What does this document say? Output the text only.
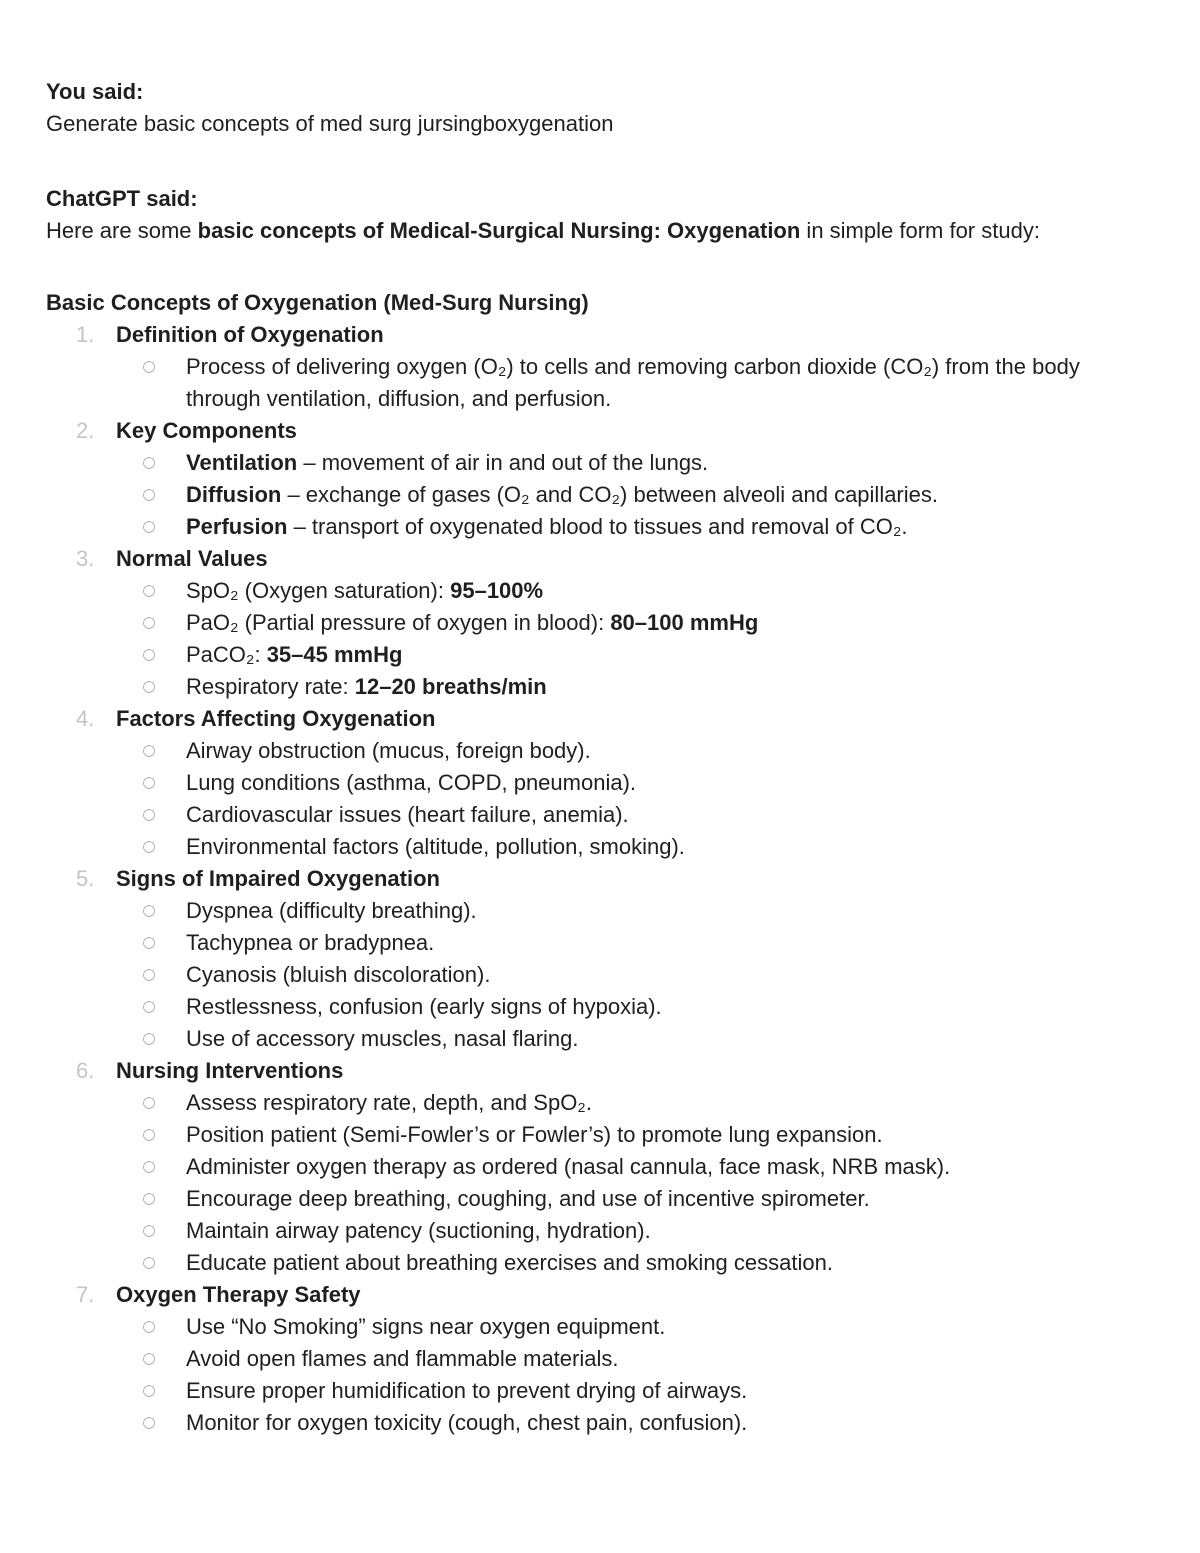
You said:
Generate basic concepts of med surg jursingboxygenation
ChatGPT said:
Here are some basic concepts of Medical-Surgical Nursing: Oxygenation in simple form for study:
Basic Concepts of Oxygenation (Med-Surg Nursing)
1. Definition of Oxygenation
Process of delivering oxygen (O₂) to cells and removing carbon dioxide (CO₂) from the body through ventilation, diffusion, and perfusion.
2. Key Components
Ventilation – movement of air in and out of the lungs.
Diffusion – exchange of gases (O₂ and CO₂) between alveoli and capillaries.
Perfusion – transport of oxygenated blood to tissues and removal of CO₂.
3. Normal Values
SpO₂ (Oxygen saturation): 95–100%
PaO₂ (Partial pressure of oxygen in blood): 80–100 mmHg
PaCO₂: 35–45 mmHg
Respiratory rate: 12–20 breaths/min
4. Factors Affecting Oxygenation
Airway obstruction (mucus, foreign body).
Lung conditions (asthma, COPD, pneumonia).
Cardiovascular issues (heart failure, anemia).
Environmental factors (altitude, pollution, smoking).
5. Signs of Impaired Oxygenation
Dyspnea (difficulty breathing).
Tachypnea or bradypnea.
Cyanosis (bluish discoloration).
Restlessness, confusion (early signs of hypoxia).
Use of accessory muscles, nasal flaring.
6. Nursing Interventions
Assess respiratory rate, depth, and SpO₂.
Position patient (Semi-Fowler’s or Fowler’s) to promote lung expansion.
Administer oxygen therapy as ordered (nasal cannula, face mask, NRB mask).
Encourage deep breathing, coughing, and use of incentive spirometer.
Maintain airway patency (suctioning, hydration).
Educate patient about breathing exercises and smoking cessation.
7. Oxygen Therapy Safety
Use “No Smoking” signs near oxygen equipment.
Avoid open flames and flammable materials.
Ensure proper humidification to prevent drying of airways.
Monitor for oxygen toxicity (cough, chest pain, confusion).
